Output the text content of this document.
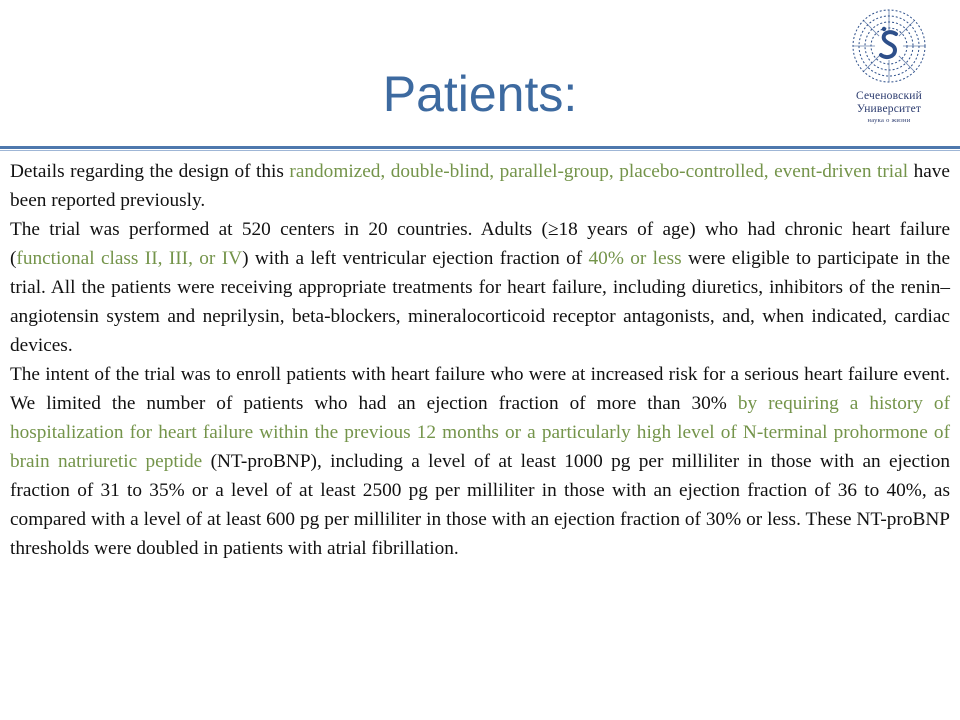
Patients:	Сеченовский
Университет
наука о жизни

Details regarding the design of this randomized, double-blind, parallel-group, placebo-controlled, event-driven trial have been reported previously.

The trial was performed at 520 centers in 20 countries. Adults (≥18 years of age) who had chronic heart failure (functional class II, III, or IV) with a left ventricular ejection fraction of 40% or less were eligible to participate in the trial. All the patients were receiving appropriate treatments for heart failure, including diuretics, inhibitors of the renin–angiotensin system and neprilysin, beta-blockers, mineralocorticoid receptor antagonists, and, when indicated, cardiac devices.

The intent of the trial was to enroll patients with heart failure who were at increased risk for a serious heart failure event. We limited the number of patients who had an ejection fraction of more than 30% by requiring a history of hospitalization for heart failure within the previous 12 months or a particularly high level of N-terminal prohormone of brain natriuretic peptide (NT-proBNP), including a level of at least 1000 pg per milliliter in those with an ejection fraction of 31 to 35% or a level of at least 2500 pg per milliliter in those with an ejection fraction of 36 to 40%, as compared with a level of at least 600 pg per milliliter in those with an ejection fraction of 30% or less. These NT-proBNP thresholds were doubled in patients with atrial fibrillation.
